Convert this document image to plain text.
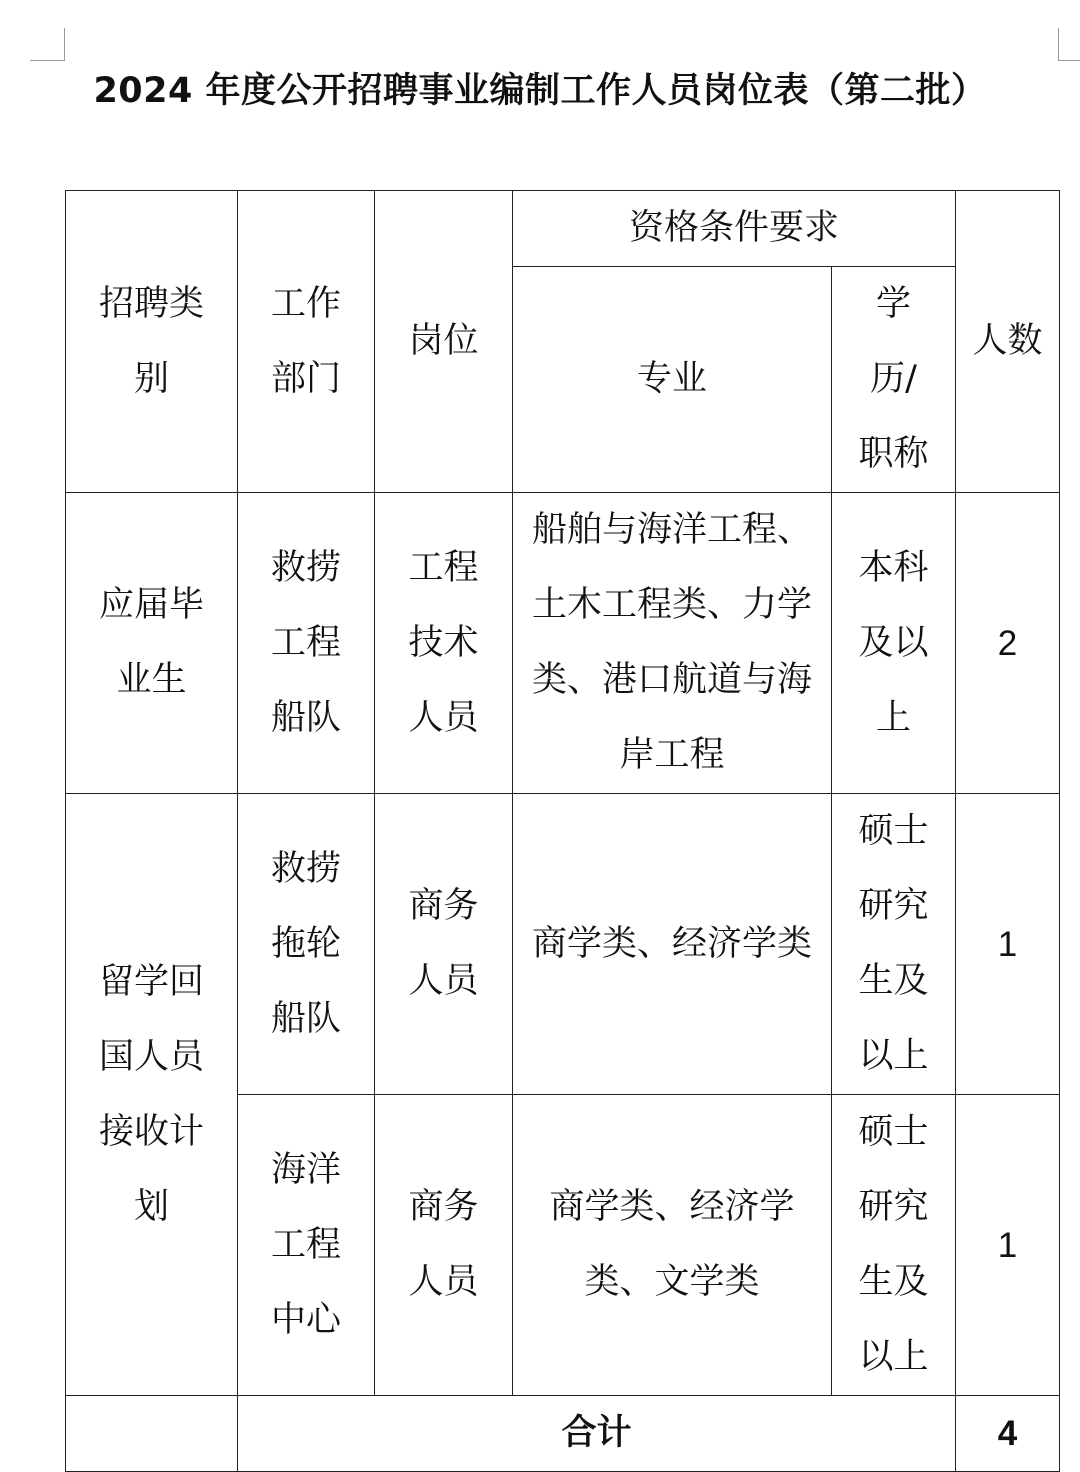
2024 年度公开招聘事业编制工作人员岗位表（第二批）
招聘类别	工作部门	岗位	资格条件要求		人数
			专业	学历/职称	
应届毕业生	救捞工程船队	工程技术人员	船舶与海洋工程、土木工程类、力学类、港口航道与海岸工程	本科及以上	2
留学回国人员接收计划	救捞拖轮船队	商务人员	商学类、经济学类	硕士研究生及以上	1
	海洋工程中心	商务人员	商学类、经济学类、文学类	硕士研究生及以上	1
	合计				4
